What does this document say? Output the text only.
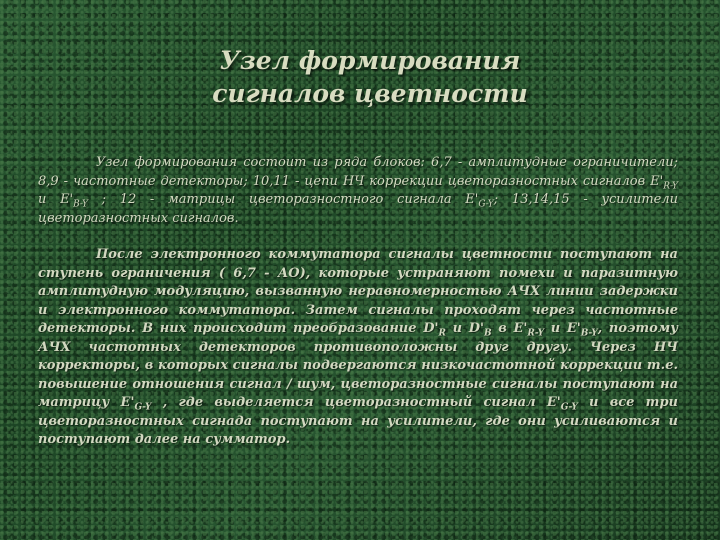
Узел формирования
сигналов цветности

Узел формирования состоит из ряда блоков: 6,7 - амплитудные ограничители; 8,9 - частотные детекторы; 10,11 - цепи НЧ коррекции цветоразностных сигналов $E'_{R-Y}$ и $E'_{B-Y}$ ; 12 - матрицы цветоразностного сигнала $E'_{G-Y}$; 13,14,15 - усилители цветоразностных сигналов.

После электронного коммутатора сигналы цветности поступают на ступень ограничения ( 6,7 - АО), которые устраняют помехи и паразитную амплитудную модуляцию, вызванную неравномерностью АЧХ линии задержки и электронного коммутатора. Затем сигналы проходят через частотные детекторы. В них происходит преобразование $D'_R$ и $D'_B$ в $E'_{R-Y}$ и $E'_{B-Y}$, поэтому АЧХ частотных детекторов противоположны друг другу. Через НЧ корректоры, в которых сигналы подвергаются низкочастотной коррекции т.е. повышение отношения сигнал / шум, цветоразностные сигналы поступают на матрицу $E'_{G-Y}$ , где выделяется цветоразностный сигнал $E'_{G-Y}$ и все три цветоразностных сигнада поступают на усилители, где они усиливаются и поступают далее на сумматор.
